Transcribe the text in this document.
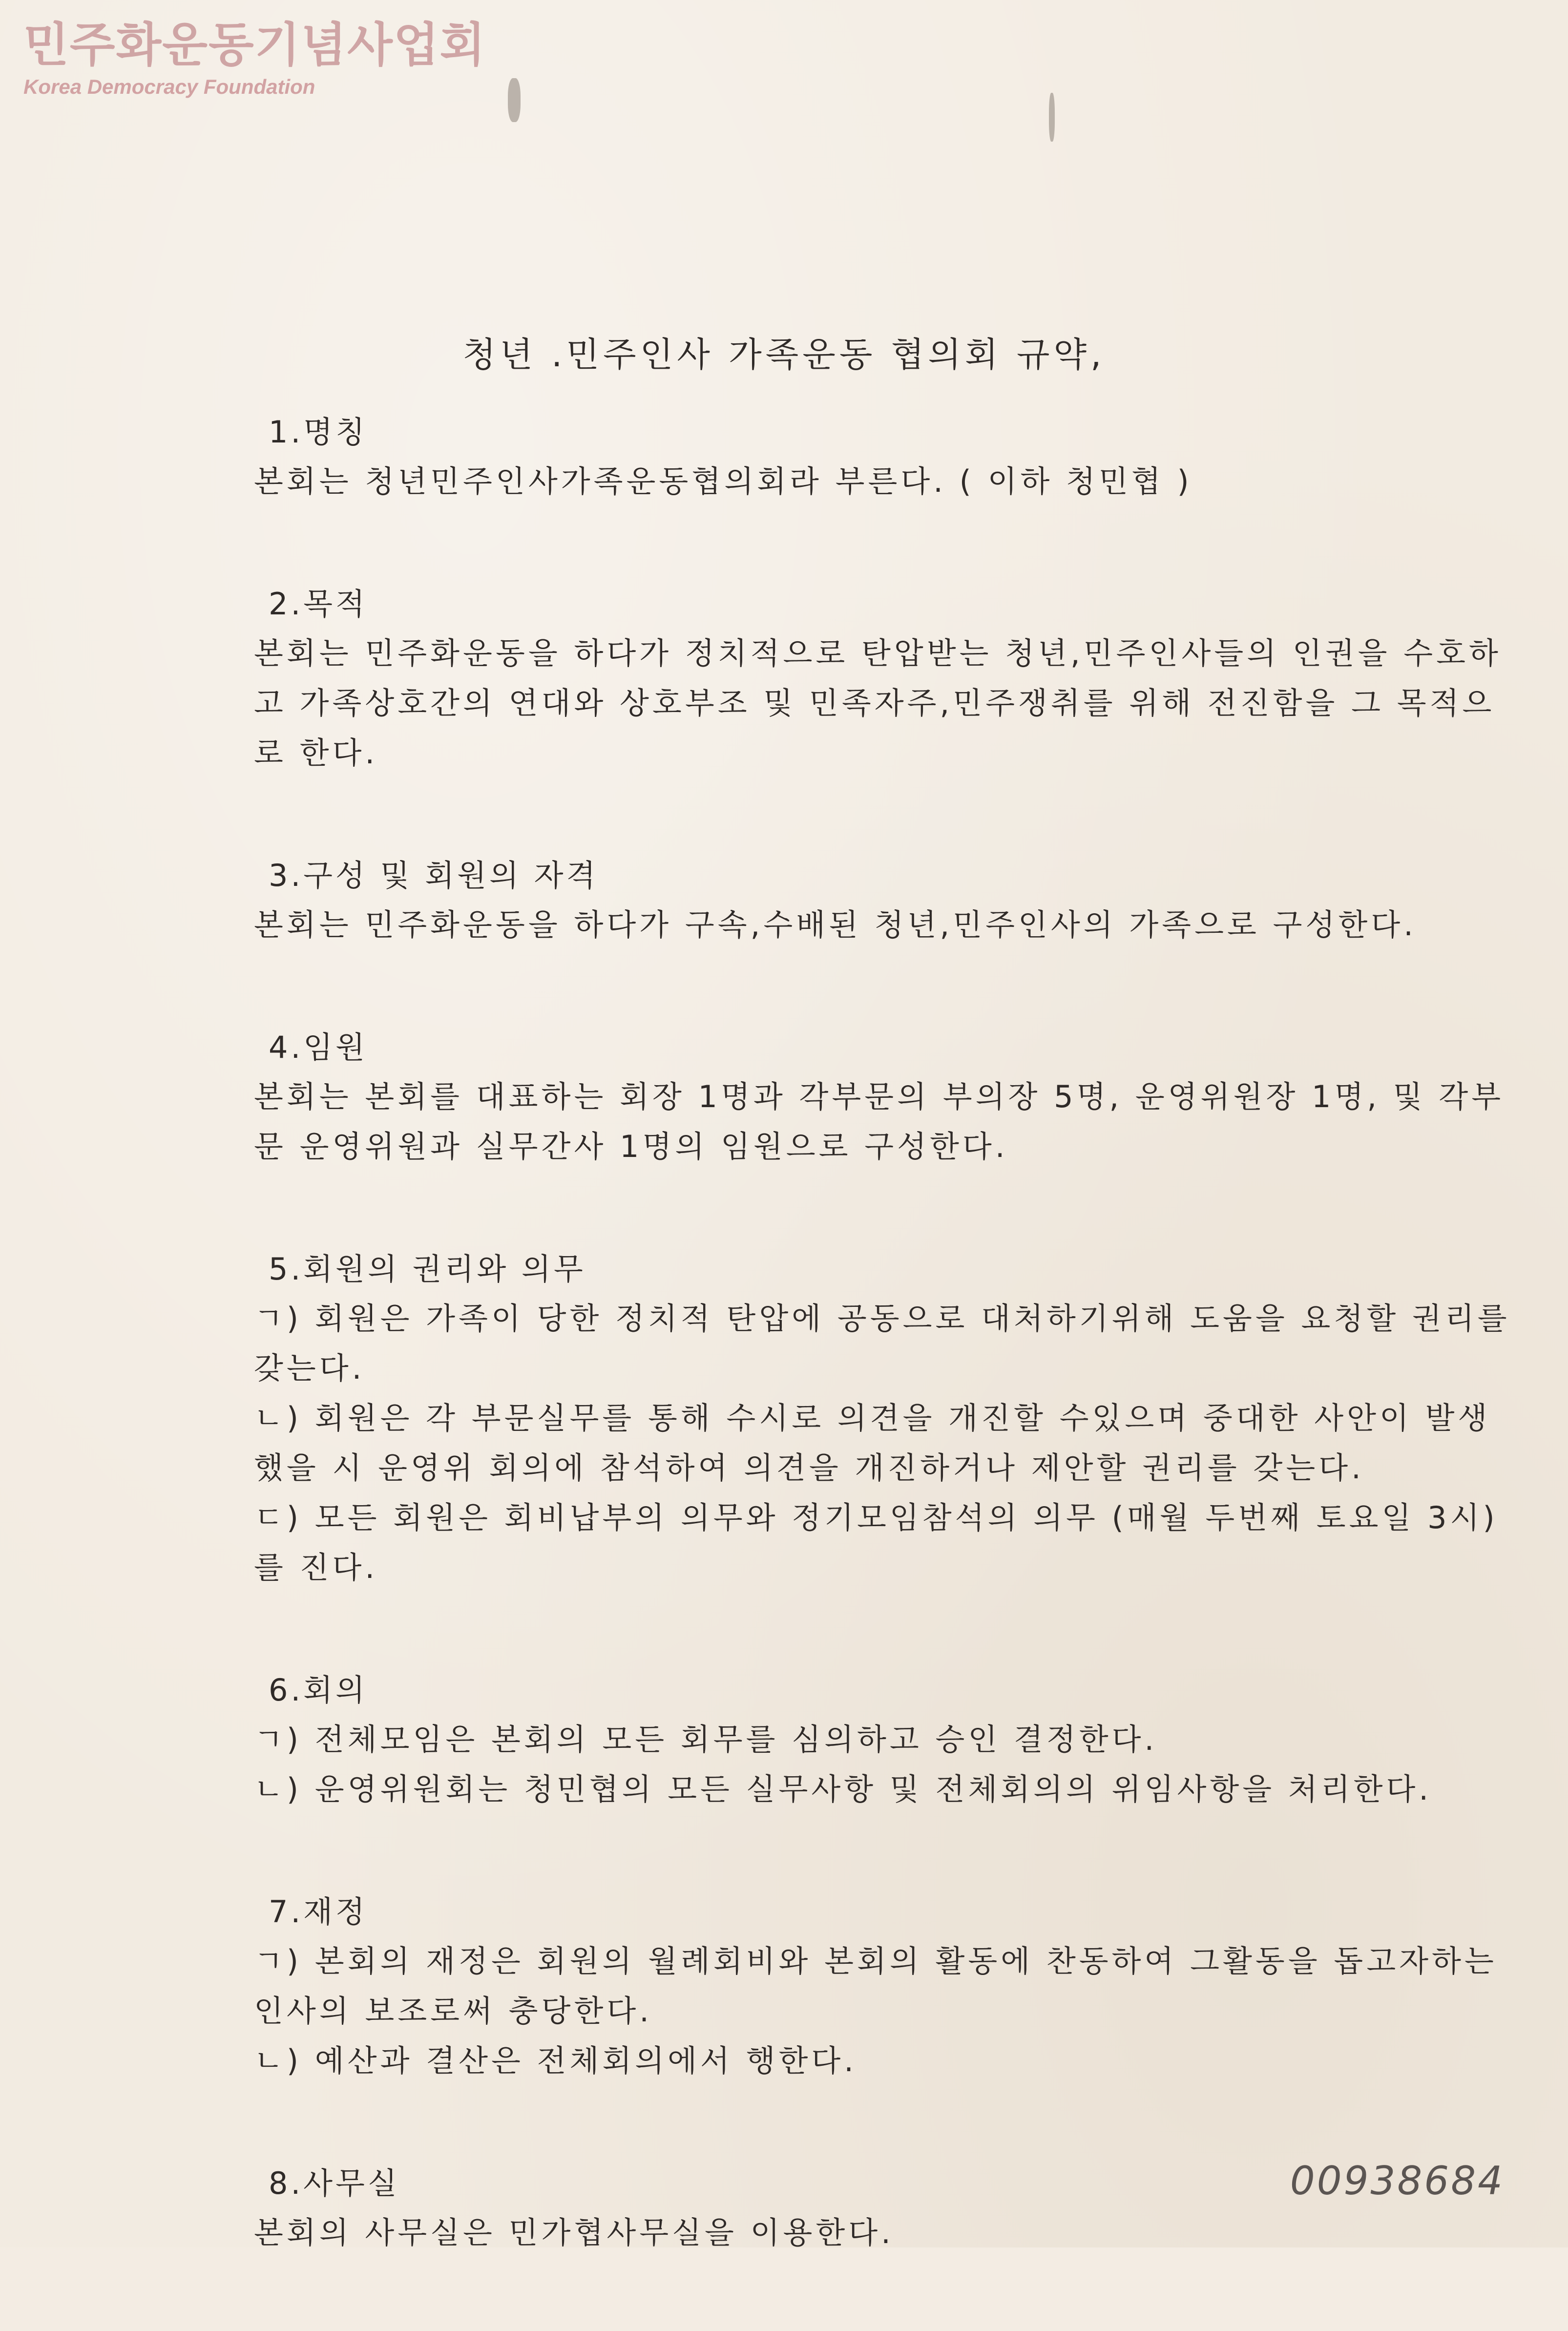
민주화운동기념사업회
Korea Democracy Foundation
청년 .민주인사 가족운동 협의회 규약,
1.명칭
본회는 청년민주인사가족운동협의회라 부른다. ( 이하 청민협 )
2.목적
본회는 민주화운동을 하다가 정치적으로 탄압받는 청년,민주인사들의 인권을 수호하고 가족상호간의 연대와 상호부조 및 민족자주,민주쟁취를 위해 전진함을 그 목적으로 한다.
3.구성 및 회원의 자격
본회는 민주화운동을 하다가 구속,수배된 청년,민주인사의 가족으로 구성한다.
4.임원
본회는 본회를 대표하는 회장 1명과 각부문의 부의장 5명, 운영위원장 1명, 및 각부문 운영위원과 실무간사 1명의 임원으로 구성한다.
5.회원의 권리와 의무
ㄱ) 회원은 가족이 당한 정치적 탄압에 공동으로 대처하기위해 도움을 요청할 권리를 갖는다.
ㄴ) 회원은 각 부문실무를 통해 수시로 의견을 개진할 수있으며 중대한 사안이 발생했을 시 운영위 회의에 참석하여 의견을 개진하거나 제안할 권리를 갖는다.
ㄷ) 모든 회원은 회비납부의 의무와 정기모임참석의 의무 (매월 두번째 토요일 3시)를 진다.
6.회의
ㄱ) 전체모임은 본회의 모든 회무를 심의하고 승인 결정한다.
ㄴ) 운영위원회는 청민협의 모든 실무사항 및 전체회의의 위임사항을 처리한다.
7.재정
ㄱ) 본회의 재정은 회원의 월례회비와 본회의 활동에 찬동하여 그활동을 돕고자하는 인사의 보조로써 충당한다.
ㄴ) 예산과 결산은 전체회의에서 행한다.
8.사무실
본회의 사무실은 민가협사무실을 이용한다.
00938684
